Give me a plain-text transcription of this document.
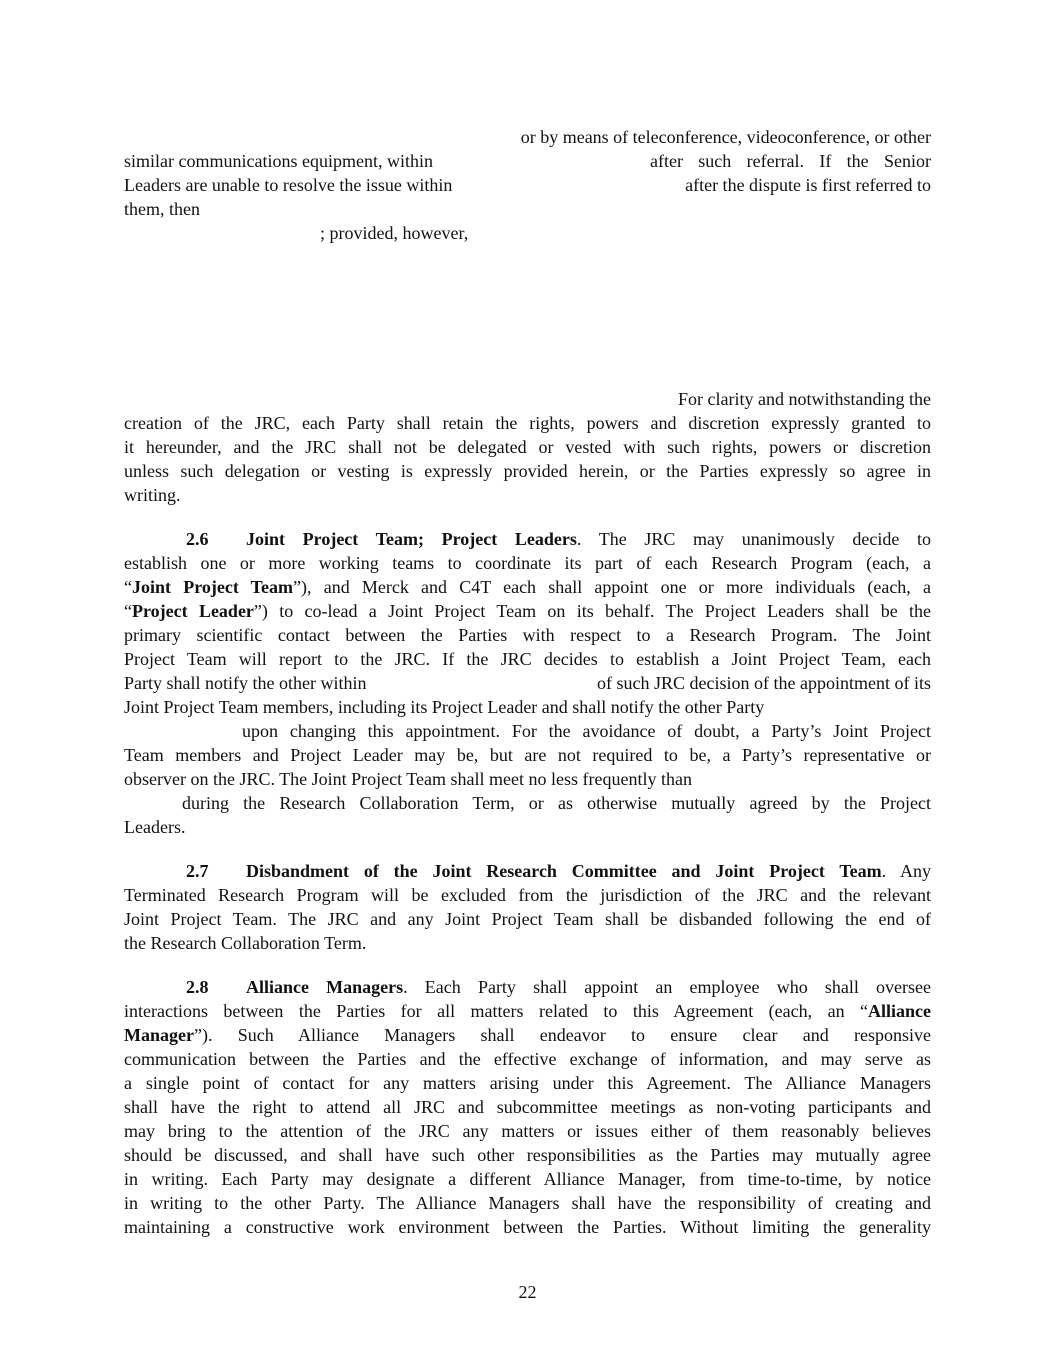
or by means of teleconference, videoconference, or other
similar communications equipment, within	after such referral. If the Senior
Leaders are unable to resolve the issue within	after the dispute is first referred to
them, then
; provided, however,
For clarity and notwithstanding the
creation of the JRC, each Party shall retain the rights, powers and discretion expressly granted to
it hereunder, and the JRC shall not be delegated or vested with such rights, powers or discretion
unless such delegation or vesting is expressly provided herein, or the Parties expressly so agree in
writing.
2.6 Joint Project Team; Project Leaders. The JRC may unanimously decide to
establish one or more working teams to coordinate its part of each Research Program (each, a
“Joint Project Team”), and Merck and C4T each shall appoint one or more individuals (each, a
“Project Leader”) to co-lead a Joint Project Team on its behalf. The Project Leaders shall be the
primary scientific contact between the Parties with respect to a Research Program. The Joint
Project Team will report to the JRC. If the JRC decides to establish a Joint Project Team, each
Party shall notify the other within	of such JRC decision of the appointment of its
Joint Project Team members, including its Project Leader and shall notify the other Party
upon changing this appointment. For the avoidance of doubt, a Party’s Joint Project
Team members and Project Leader may be, but are not required to be, a Party’s representative or
observer on the JRC. The Joint Project Team shall meet no less frequently than
during the Research Collaboration Term, or as otherwise mutually agreed by the Project
Leaders.
2.7 Disbandment of the Joint Research Committee and Joint Project Team. Any
Terminated Research Program will be excluded from the jurisdiction of the JRC and the relevant
Joint Project Team. The JRC and any Joint Project Team shall be disbanded following the end of
the Research Collaboration Term.
2.8 Alliance Managers. Each Party shall appoint an employee who shall oversee
interactions between the Parties for all matters related to this Agreement (each, an “Alliance
Manager”). Such Alliance Managers shall endeavor to ensure clear and responsive
communication between the Parties and the effective exchange of information, and may serve as
a single point of contact for any matters arising under this Agreement. The Alliance Managers
shall have the right to attend all JRC and subcommittee meetings as non-voting participants and
may bring to the attention of the JRC any matters or issues either of them reasonably believes
should be discussed, and shall have such other responsibilities as the Parties may mutually agree
in writing. Each Party may designate a different Alliance Manager, from time-to-time, by notice
in writing to the other Party. The Alliance Managers shall have the responsibility of creating and
maintaining a constructive work environment between the Parties. Without limiting the generality
22
